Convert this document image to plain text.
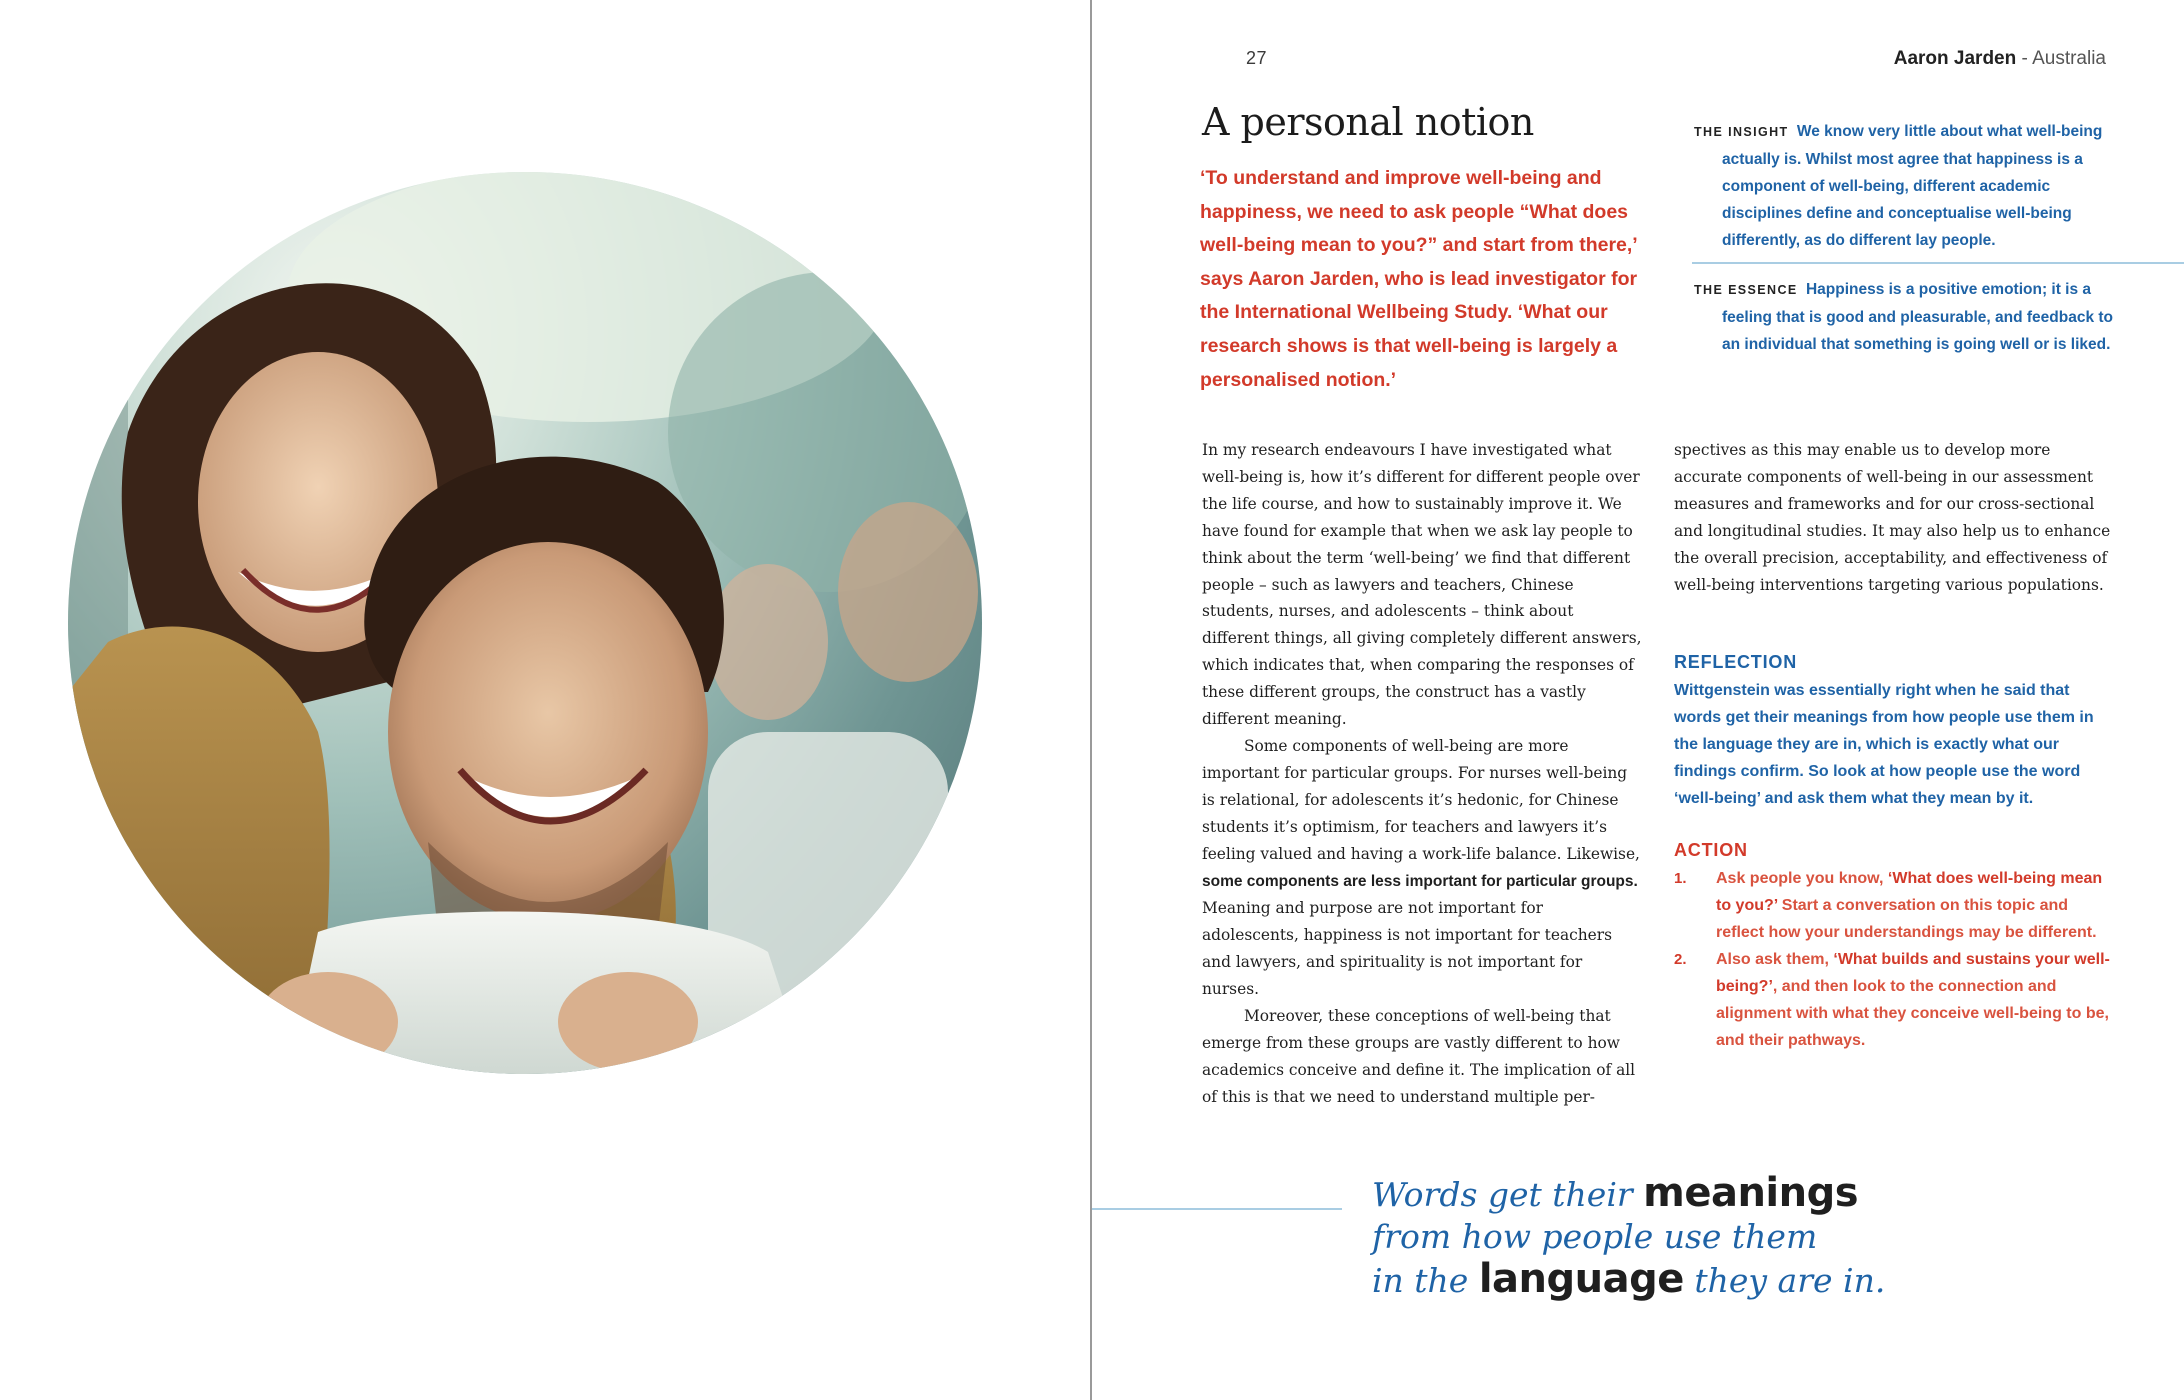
27	Aaron Jarden - Australia
A personal notion

‘To understand and improve well-being and happiness, we need to ask people “What does well-being mean to you?” and start from there,’ says Aaron Jarden, who is lead investigator for the International Wellbeing Study. ‘What our research shows is that well-being is largely a personalised notion.’

THE INSIGHT We know very little about what well-being actually is. Whilst most agree that happiness is a component of well-being, different academic disciplines define and conceptualise well-being differently, as do different lay people.

THE ESSENCE Happiness is a positive emotion; it is a feeling that is good and pleasurable, and feedback to an individual that something is going well or is liked.

In my research endeavours I have investigated what well-being is, how it’s different for different people over the life course, and how to sustainably improve it. We have found for example that when we ask lay people to think about the term ‘well-being’ we find that different people – such as lawyers and teachers, Chinese students, nurses, and adolescents – think about different things, all giving completely different answers, which indicates that, when comparing the responses of these different groups, the construct has a vastly different meaning.

Some components of well-being are more important for particular groups. For nurses well-being is relational, for adolescents it’s hedonic, for Chinese students it’s optimism, for teachers and lawyers it’s feeling valued and having a work-life balance. Likewise, some components are less important for particular groups. Meaning and purpose are not important for adolescents, happiness is not important for teachers and lawyers, and spirituality is not important for nurses.

Moreover, these conceptions of well-being that emerge from these groups are vastly different to how academics conceive and define it. The implication of all of this is that we need to understand multiple per-

spectives as this may enable us to develop more accurate components of well-being in our assessment measures and frameworks and for our cross-sectional and longitudinal studies. It may also help us to enhance the overall precision, acceptability, and effectiveness of well-being interventions targeting various populations.

REFLECTION

Wittgenstein was essentially right when he said that words get their meanings from how people use them in the language they are in, which is exactly what our findings confirm. So look at how people use the word ‘well-being’ and ask them what they mean by it.

ACTION
1. Ask people you know, ‘What does well-being mean to you?’ Start a conversation on this topic and reflect how your understandings may be different.
2. Also ask them, ‘What builds and sustains your well-being?’, and then look to the connection and alignment with what they conceive well-being to be, and their pathways.
Words get their meanings
from how people use them
in the language they are in.
